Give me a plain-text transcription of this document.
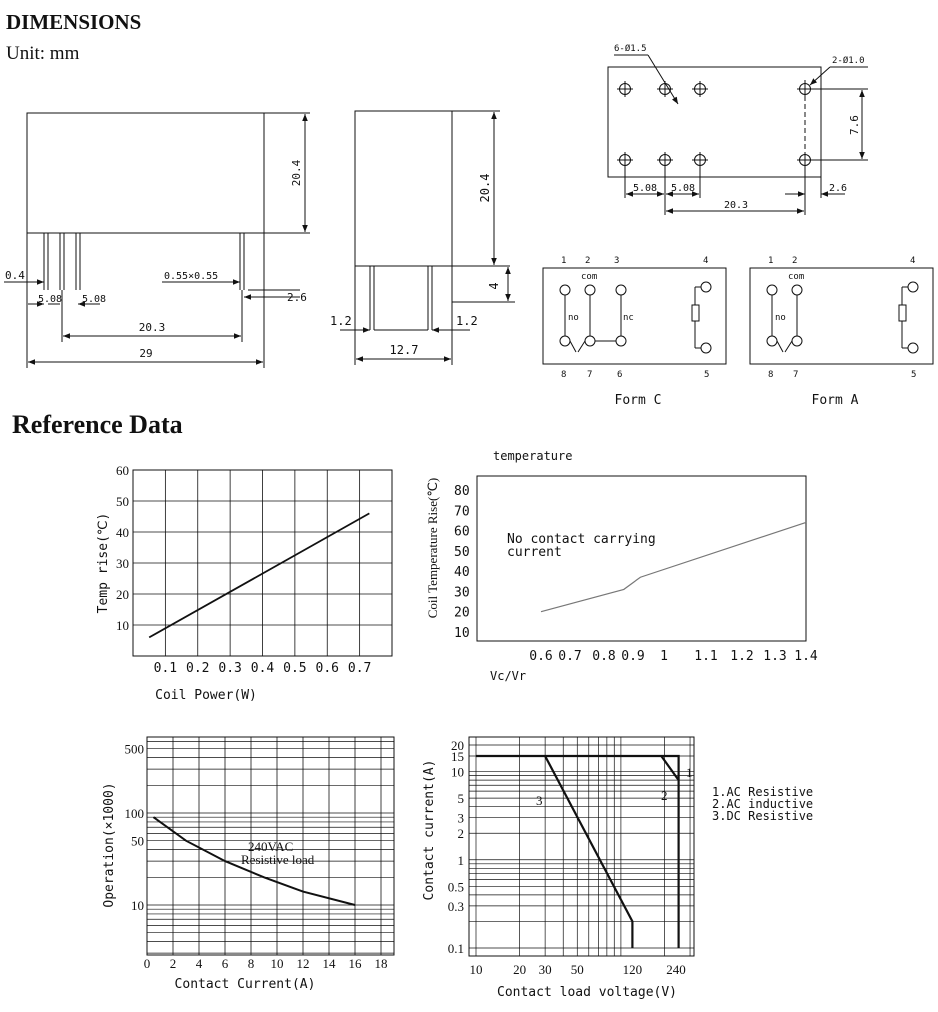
DIMENSIONS
Unit: mm
Reference Data
20.4
0.4
5.08 5.08
0.55×0.55
2.6
20.3
29
20.4
4
1.2	1.2
12.7
6-Ø1.5
2-Ø1.0
7.6
5.08 5.08
20.3
2.6
1 2	3	4
com
no	nc
8 7	6	5
Form C
1 2	4
com
no
8 7	5
Form A
0.1 0.2 0.3 0.4 0.5 0.6 0.7
10
20
30
40
50
60
Coil Power(W)
Temp rise(℃)
0.6 0.7 0.8 0.9 1 1.1 1.2 1.3 1.4
10
20
30
40
50
60
70
80
temperature
Vc/Vr
Coil Temperature Rise(℃)	No contact carrying current
0 2 4 6 8 10 12 14 16 18
10
50
100
500
Contact Current(A)
Operation(×1000)	240VAC Resistive load
10 20 30 50	120 240
0.1
0.3
0.5
1
2
3
5
10
15
20
Contact load voltage(V)
Contact current(A)	1
2
3
1.AC Resistive
2.AC inductive
3.DC Resistive
